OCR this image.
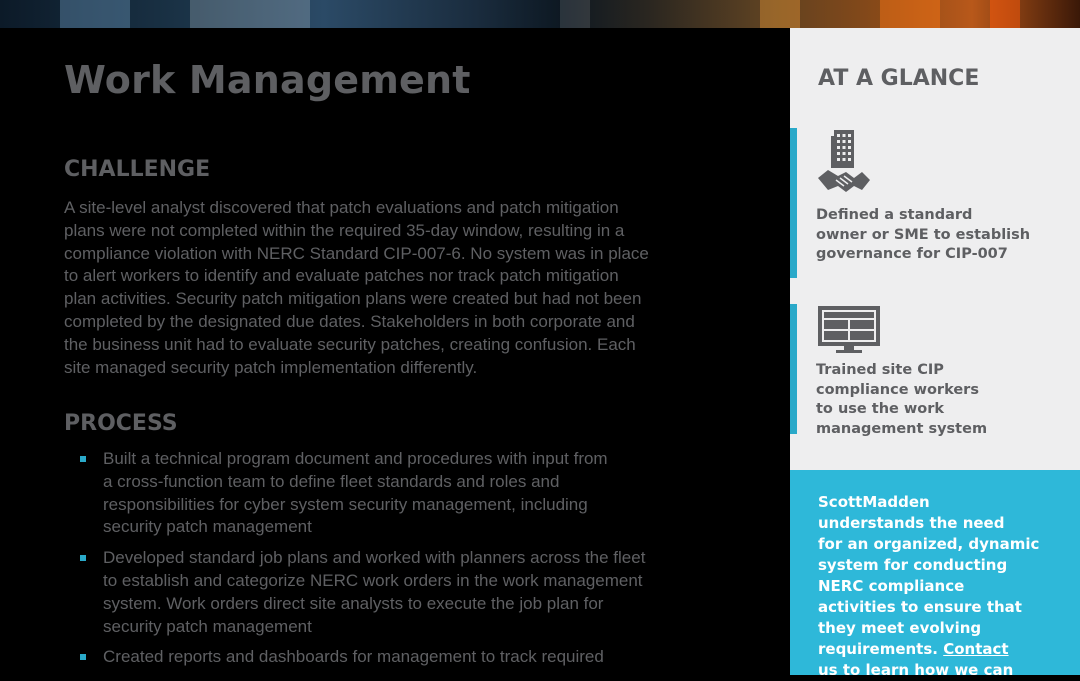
Work Management
CHALLENGE

A site-level analyst discovered that patch evaluations and patch mitigation
plans were not completed within the required 35-day window, resulting in a
compliance violation with NERC Standard CIP-007-6. No system was in place
to alert workers to identify and evaluate patches nor track patch mitigation
plan activities. Security patch mitigation plans were created but had not been
completed by the designated due dates. Stakeholders in both corporate and
the business unit had to evaluate security patches, creating confusion. Each
site managed security patch implementation differently.

PROCESS
Built a technical program document and procedures with input from
a cross-function team to define fleet standards and roles and
responsibilities for cyber system security management, including
security patch management
Developed standard job plans and worked with planners across the fleet
to establish and categorize NERC work orders in the work management
system. Work orders direct site analysts to execute the job plan for
security patch management
Created reports and dashboards for management to track required
AT A GLANCE

Defined a standard
owner or SME to establish
governance for CIP-007

Trained site CIP
compliance workers
to use the work
management system

ScottMadden
understands the need
for an organized, dynamic
system for conducting
NERC compliance
activities to ensure that
they meet evolving
requirements. Contact
us to learn how we can
